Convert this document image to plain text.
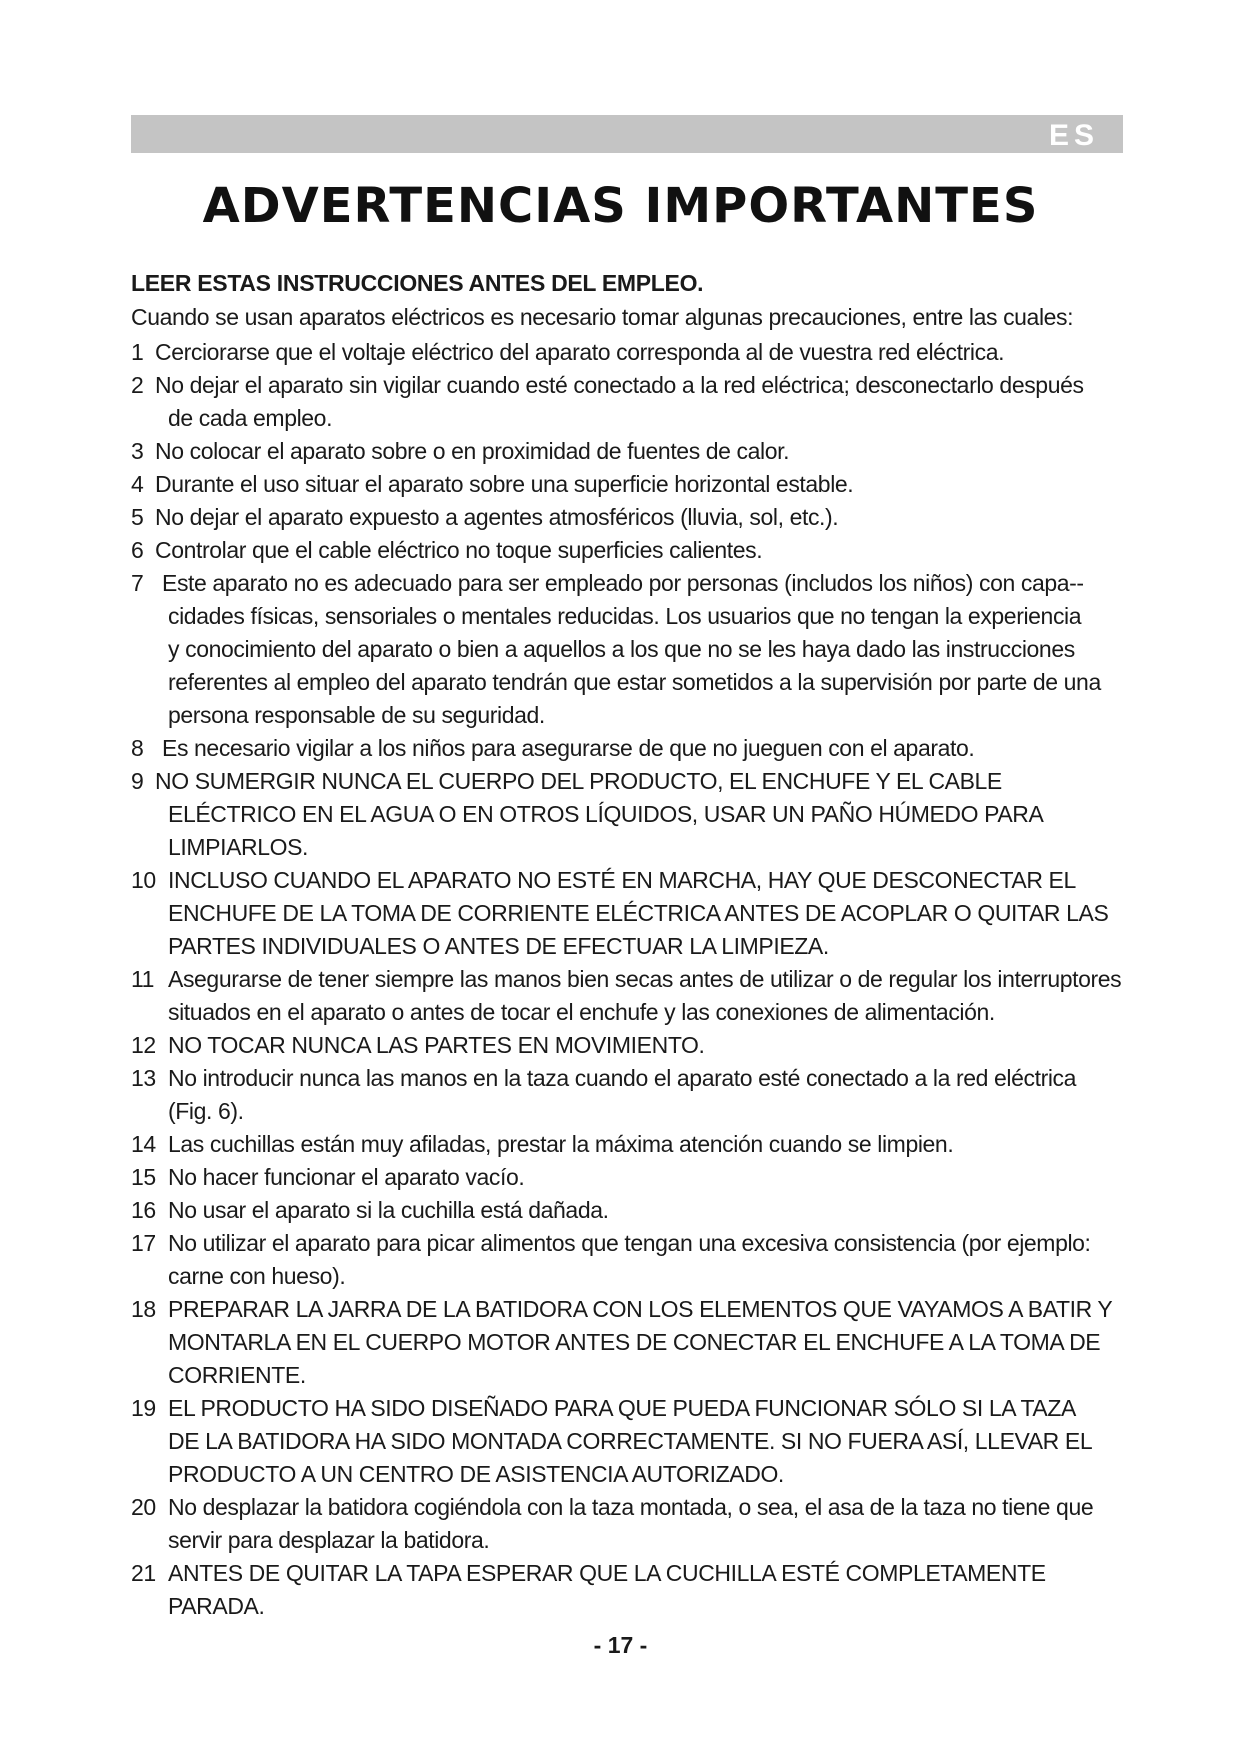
ES
ADVERTENCIAS IMPORTANTES

LEER ESTAS INSTRUCCIONES ANTES DEL EMPLEO.

Cuando se usan aparatos eléctricos es necesario tomar algunas precauciones, entre las cuales:

1 Cerciorarse que el voltaje eléctrico del aparato corresponda al de vuestra red eléctrica.
2 No dejar el aparato sin vigilar cuando esté conectado a la red eléctrica; desconectarlo después
de cada empleo.
3 No colocar el aparato sobre o en proximidad de fuentes de calor.
4 Durante el uso situar el aparato sobre una superficie horizontal estable.
5 No dejar el aparato expuesto a agentes atmosféricos (lluvia, sol, etc.).
6 Controlar que el cable eléctrico no toque superficies calientes.
7 Este aparato no es adecuado para ser empleado por personas (includos los niños) con capa--
cidades físicas, sensoriales o mentales reducidas. Los usuarios que no tengan la experiencia
y conocimiento del aparato o bien a aquellos a los que no se les haya dado las instrucciones
referentes al empleo del aparato tendrán que estar sometidos a la supervisión por parte de una
persona responsable de su seguridad.
8 Es necesario vigilar a los niños para asegurarse de que no jueguen con el aparato.
9 NO SUMERGIR NUNCA EL CUERPO DEL PRODUCTO, EL ENCHUFE Y EL CABLE
ELÉCTRICO EN EL AGUA O EN OTROS LÍQUIDOS, USAR UN PAÑO HÚMEDO PARA
LIMPIARLOS.
10 INCLUSO CUANDO EL APARATO NO ESTÉ EN MARCHA, HAY QUE DESCONECTAR EL
ENCHUFE DE LA TOMA DE CORRIENTE ELÉCTRICA ANTES DE ACOPLAR O QUITAR LAS
PARTES INDIVIDUALES O ANTES DE EFECTUAR LA LIMPIEZA.
11 Asegurarse de tener siempre las manos bien secas antes de utilizar o de regular los interruptores
situados en el aparato o antes de tocar el enchufe y las conexiones de alimentación.
12 NO TOCAR NUNCA LAS PARTES EN MOVIMIENTO.
13 No introducir nunca las manos en la taza cuando el aparato esté conectado a la red eléctrica
(Fig. 6).
14 Las cuchillas están muy afiladas, prestar la máxima atención cuando se limpien.
15 No hacer funcionar el aparato vacío.
16 No usar el aparato si la cuchilla está dañada.
17 No utilizar el aparato para picar alimentos que tengan una excesiva consistencia (por ejemplo:
carne con hueso).
18 PREPARAR LA JARRA DE LA BATIDORA CON LOS ELEMENTOS QUE VAYAMOS A BATIR Y
MONTARLA EN EL CUERPO MOTOR ANTES DE CONECTAR EL ENCHUFE A LA TOMA DE
CORRIENTE.
19 EL PRODUCTO HA SIDO DISEÑADO PARA QUE PUEDA FUNCIONAR SÓLO SI LA TAZA
DE LA BATIDORA HA SIDO MONTADA CORRECTAMENTE. SI NO FUERA ASÍ, LLEVAR EL
PRODUCTO A UN CENTRO DE ASISTENCIA AUTORIZADO.
20 No desplazar la batidora cogiéndola con la taza montada, o sea, el asa de la taza no tiene que
servir para desplazar la batidora.
21 ANTES DE QUITAR LA TAPA ESPERAR QUE LA CUCHILLA ESTÉ COMPLETAMENTE
PARADA.
- 17 -
